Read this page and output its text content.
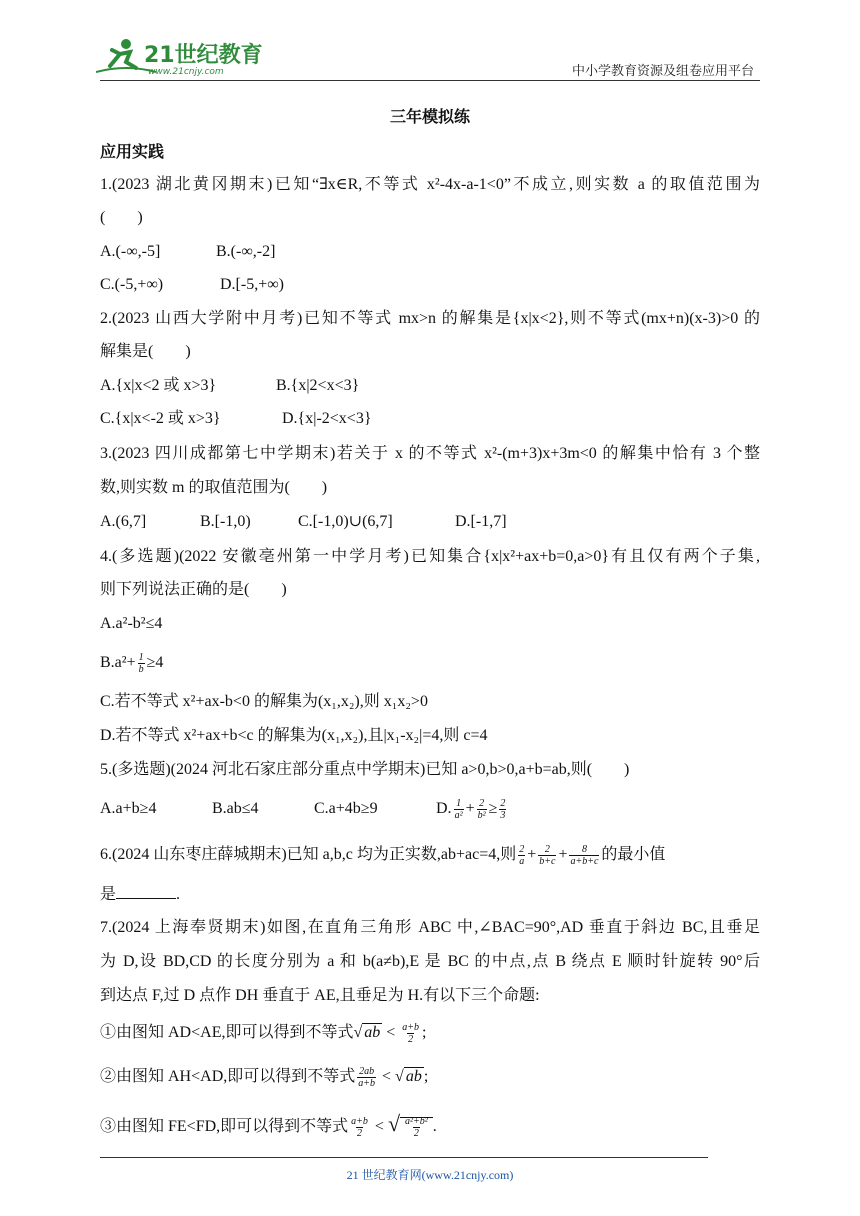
21世纪教育
www.21cnjy.com	中小学教育资源及组卷应用平台
三年模拟练
应用实践
1.(2023 湖北黄冈期末)已知“∃x∈R,不等式 x²-4x-a-1<0”不成立,则实数 a 的取值范围为
(　　)
A.(-∞,-5]	B.(-∞,-2]
C.(-5,+∞)	D.[-5,+∞)
2.(2023 山西大学附中月考)已知不等式 mx>n 的解集是{x|x<2},则不等式(mx+n)(x-3)>0 的
解集是(　　)
A.{x|x<2 或 x>3}	B.{x|2<x<3}
C.{x|x<-2 或 x>3}	D.{x|-2<x<3}
3.(2023 四川成都第七中学期末)若关于 x 的不等式 x²-(m+3)x+3m<0 的解集中恰有 3 个整
数,则实数 m 的取值范围为(　　)
A.(6,7]	B.[-1,0)	C.[-1,0)∪(6,7]	D.[-1,7]
4.(多选题)(2022 安徽亳州第一中学月考)已知集合{x|x²+ax+b=0,a>0}有且仅有两个子集,
则下列说法正确的是(　　)
A.a²-b²≤4
$B.a^2+ \frac{1}{b} \ge 4$
C.若不等式 x²+ax-b<0 的解集为(x₁,x₂),则 x₁x₂>0
D.若不等式 x²+ax+b<c 的解集为(x₁,x₂),且|x₁-x₂|=4,则 c=4
5.(多选题)(2024 河北石家庄部分重点中学期末)已知 a>0,b>0,a+b=ab,则(　　)
A.a+b≥4	B.ab≤4	C.a+4b≥9	D. $\frac{1}{\text{a²}} + \frac{2}{\text{b²}} \ge \frac{2}{3}$
6.(2024 山东枣庄薛城期末)已知 a,b,c 均为正实数,ab+ac=4,则 $\frac{2}{a} + \frac{2}{b+c} + \frac{8}{a+b+c}$ 的最小值
是	.
7.(2024 上海奉贤期末)如图,在直角三角形 ABC 中,∠BAC=90°,AD 垂直于斜边 BC,且垂足
为 D,设 BD,CD 的长度分别为 a 和 b(a≠b),E 是 BC 的中点,点 B 绕点 E 顺时针旋转 90°后
到达点 F,过 D 点作 DH 垂直于 AE,且垂足为 H.有以下三个命题:
①由图知 AD<AE,即可以得到不等式√ ab < $\frac{a+b}{2}$ ;
②由图知 AH<AD,即可以得到不等式 $\frac{2ab}{a+b}$ < √ ab ;
③由图知 FE<FD,即可以得到不等式 $\frac{a+b}{2}$ < √ $\frac{\text{a²+b²}}{2}$ .
21 世纪教育网(www.21cnjy.com)
